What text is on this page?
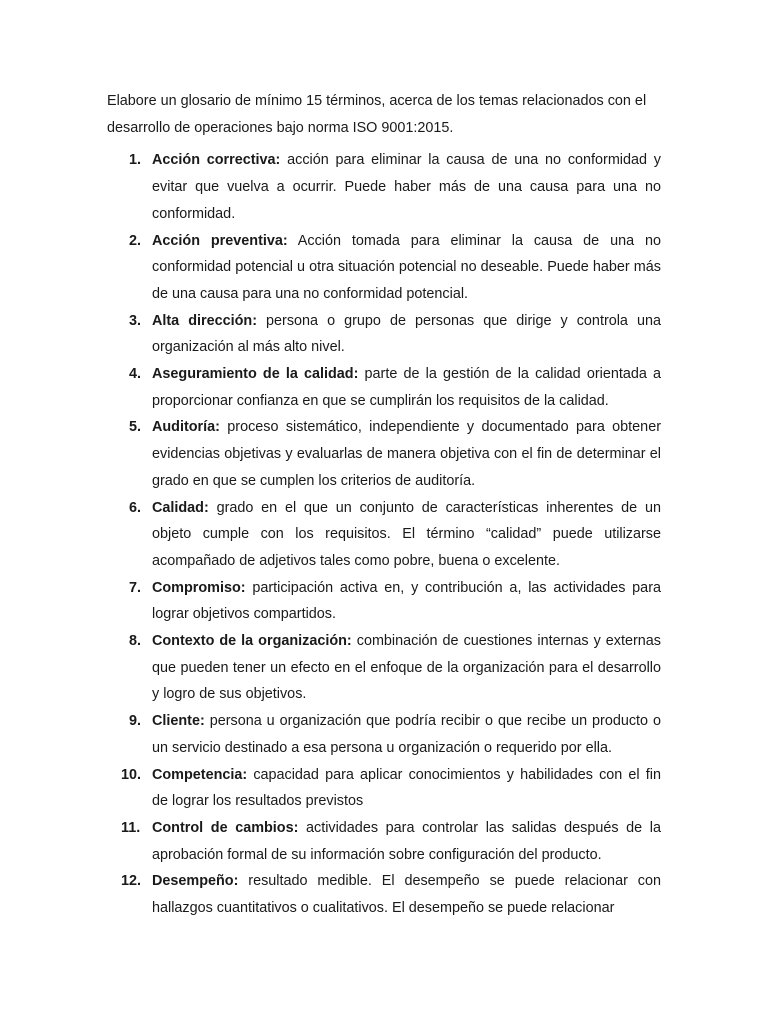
Elabore un glosario de mínimo 15 términos, acerca de los temas relacionados con el desarrollo de operaciones bajo norma ISO 9001:2015.

1. Acción correctiva: acción para eliminar la causa de una no conformidad y evitar que vuelva a ocurrir. Puede haber más de una causa para una no conformidad.
2. Acción preventiva: Acción tomada para eliminar la causa de una no conformidad potencial u otra situación potencial no deseable. Puede haber más de una causa para una no conformidad potencial.
3. Alta dirección: persona o grupo de personas que dirige y controla una organización al más alto nivel.
4. Aseguramiento de la calidad: parte de la gestión de la calidad orientada a proporcionar confianza en que se cumplirán los requisitos de la calidad.
5. Auditoría: proceso sistemático, independiente y documentado para obtener evidencias objetivas y evaluarlas de manera objetiva con el fin de determinar el grado en que se cumplen los criterios de auditoría.
6. Calidad: grado en el que un conjunto de características inherentes de un objeto cumple con los requisitos. El término “calidad” puede utilizarse acompañado de adjetivos tales como pobre, buena o excelente.
7. Compromiso: participación activa en, y contribución a, las actividades para lograr objetivos compartidos.
8. Contexto de la organización: combinación de cuestiones internas y externas que pueden tener un efecto en el enfoque de la organización para el desarrollo y logro de sus objetivos.
9. Cliente: persona u organización que podría recibir o que recibe un producto o un servicio destinado a esa persona u organización o requerido por ella.
10. Competencia: capacidad para aplicar conocimientos y habilidades con el fin de lograr los resultados previstos
11. Control de cambios: actividades para controlar las salidas después de la aprobación formal de su información sobre configuración del producto.
12. Desempeño: resultado medible. El desempeño se puede relacionar con hallazgos cuantitativos o cualitativos. El desempeño se puede relacionar
